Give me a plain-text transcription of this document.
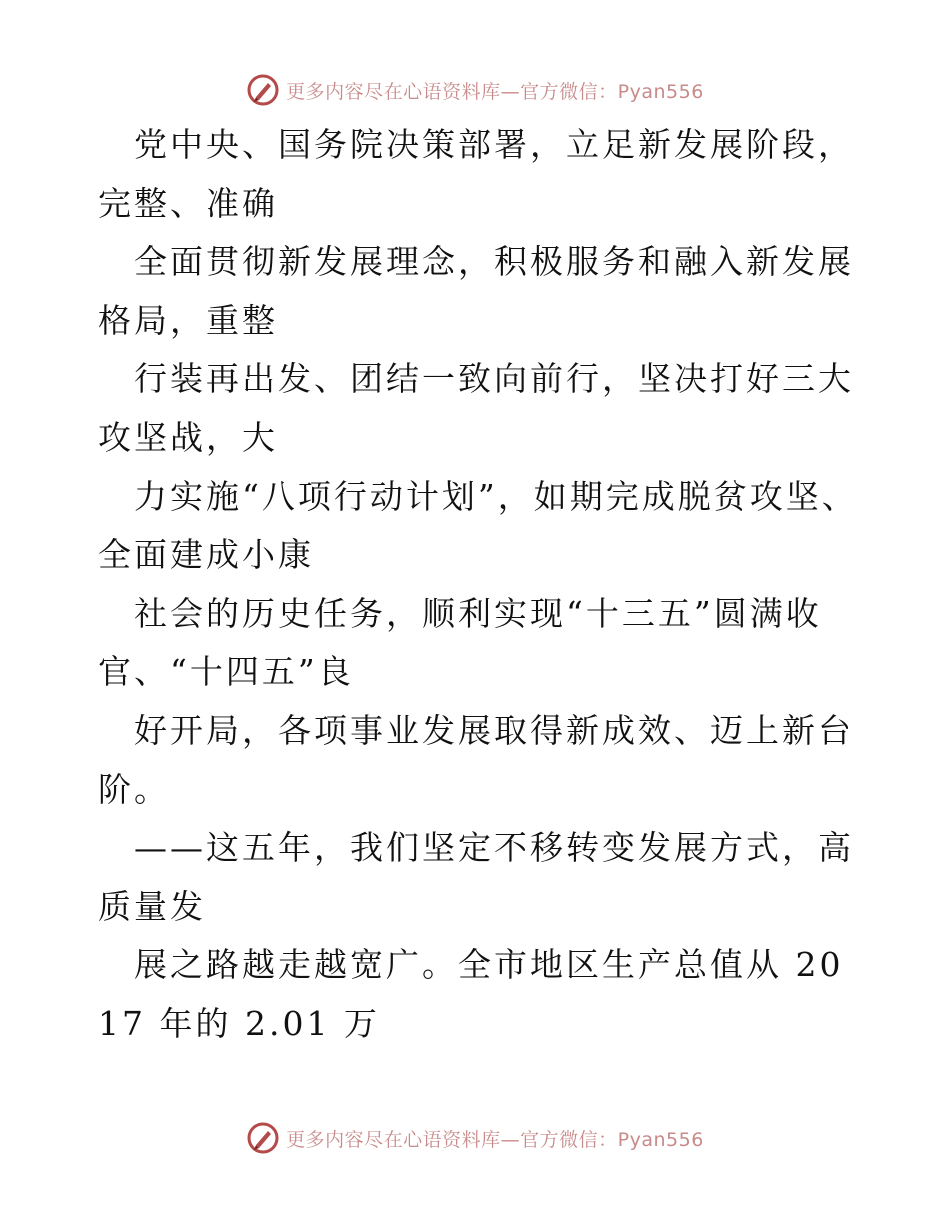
更多内容尽在心语资料库—官方微信：Pyan556

党中央、国务院决策部署，立足新发展阶段，完整、准确

全面贯彻新发展理念，积极服务和融入新发展格局，重整

行装再出发、团结一致向前行，坚决打好三大攻坚战，大

力实施“八项行动计划”，如期完成脱贫攻坚、全面建成小康

社会的历史任务，顺利实现“十三五”圆满收官、“十四五”良

好开局，各项事业发展取得新成效、迈上新台阶。

——这五年，我们坚定不移转变发展方式，高质量发

展之路越走越宽广。全市地区生产总值从 2017 年的 2.01 万

更多内容尽在心语资料库—官方微信：Pyan556
